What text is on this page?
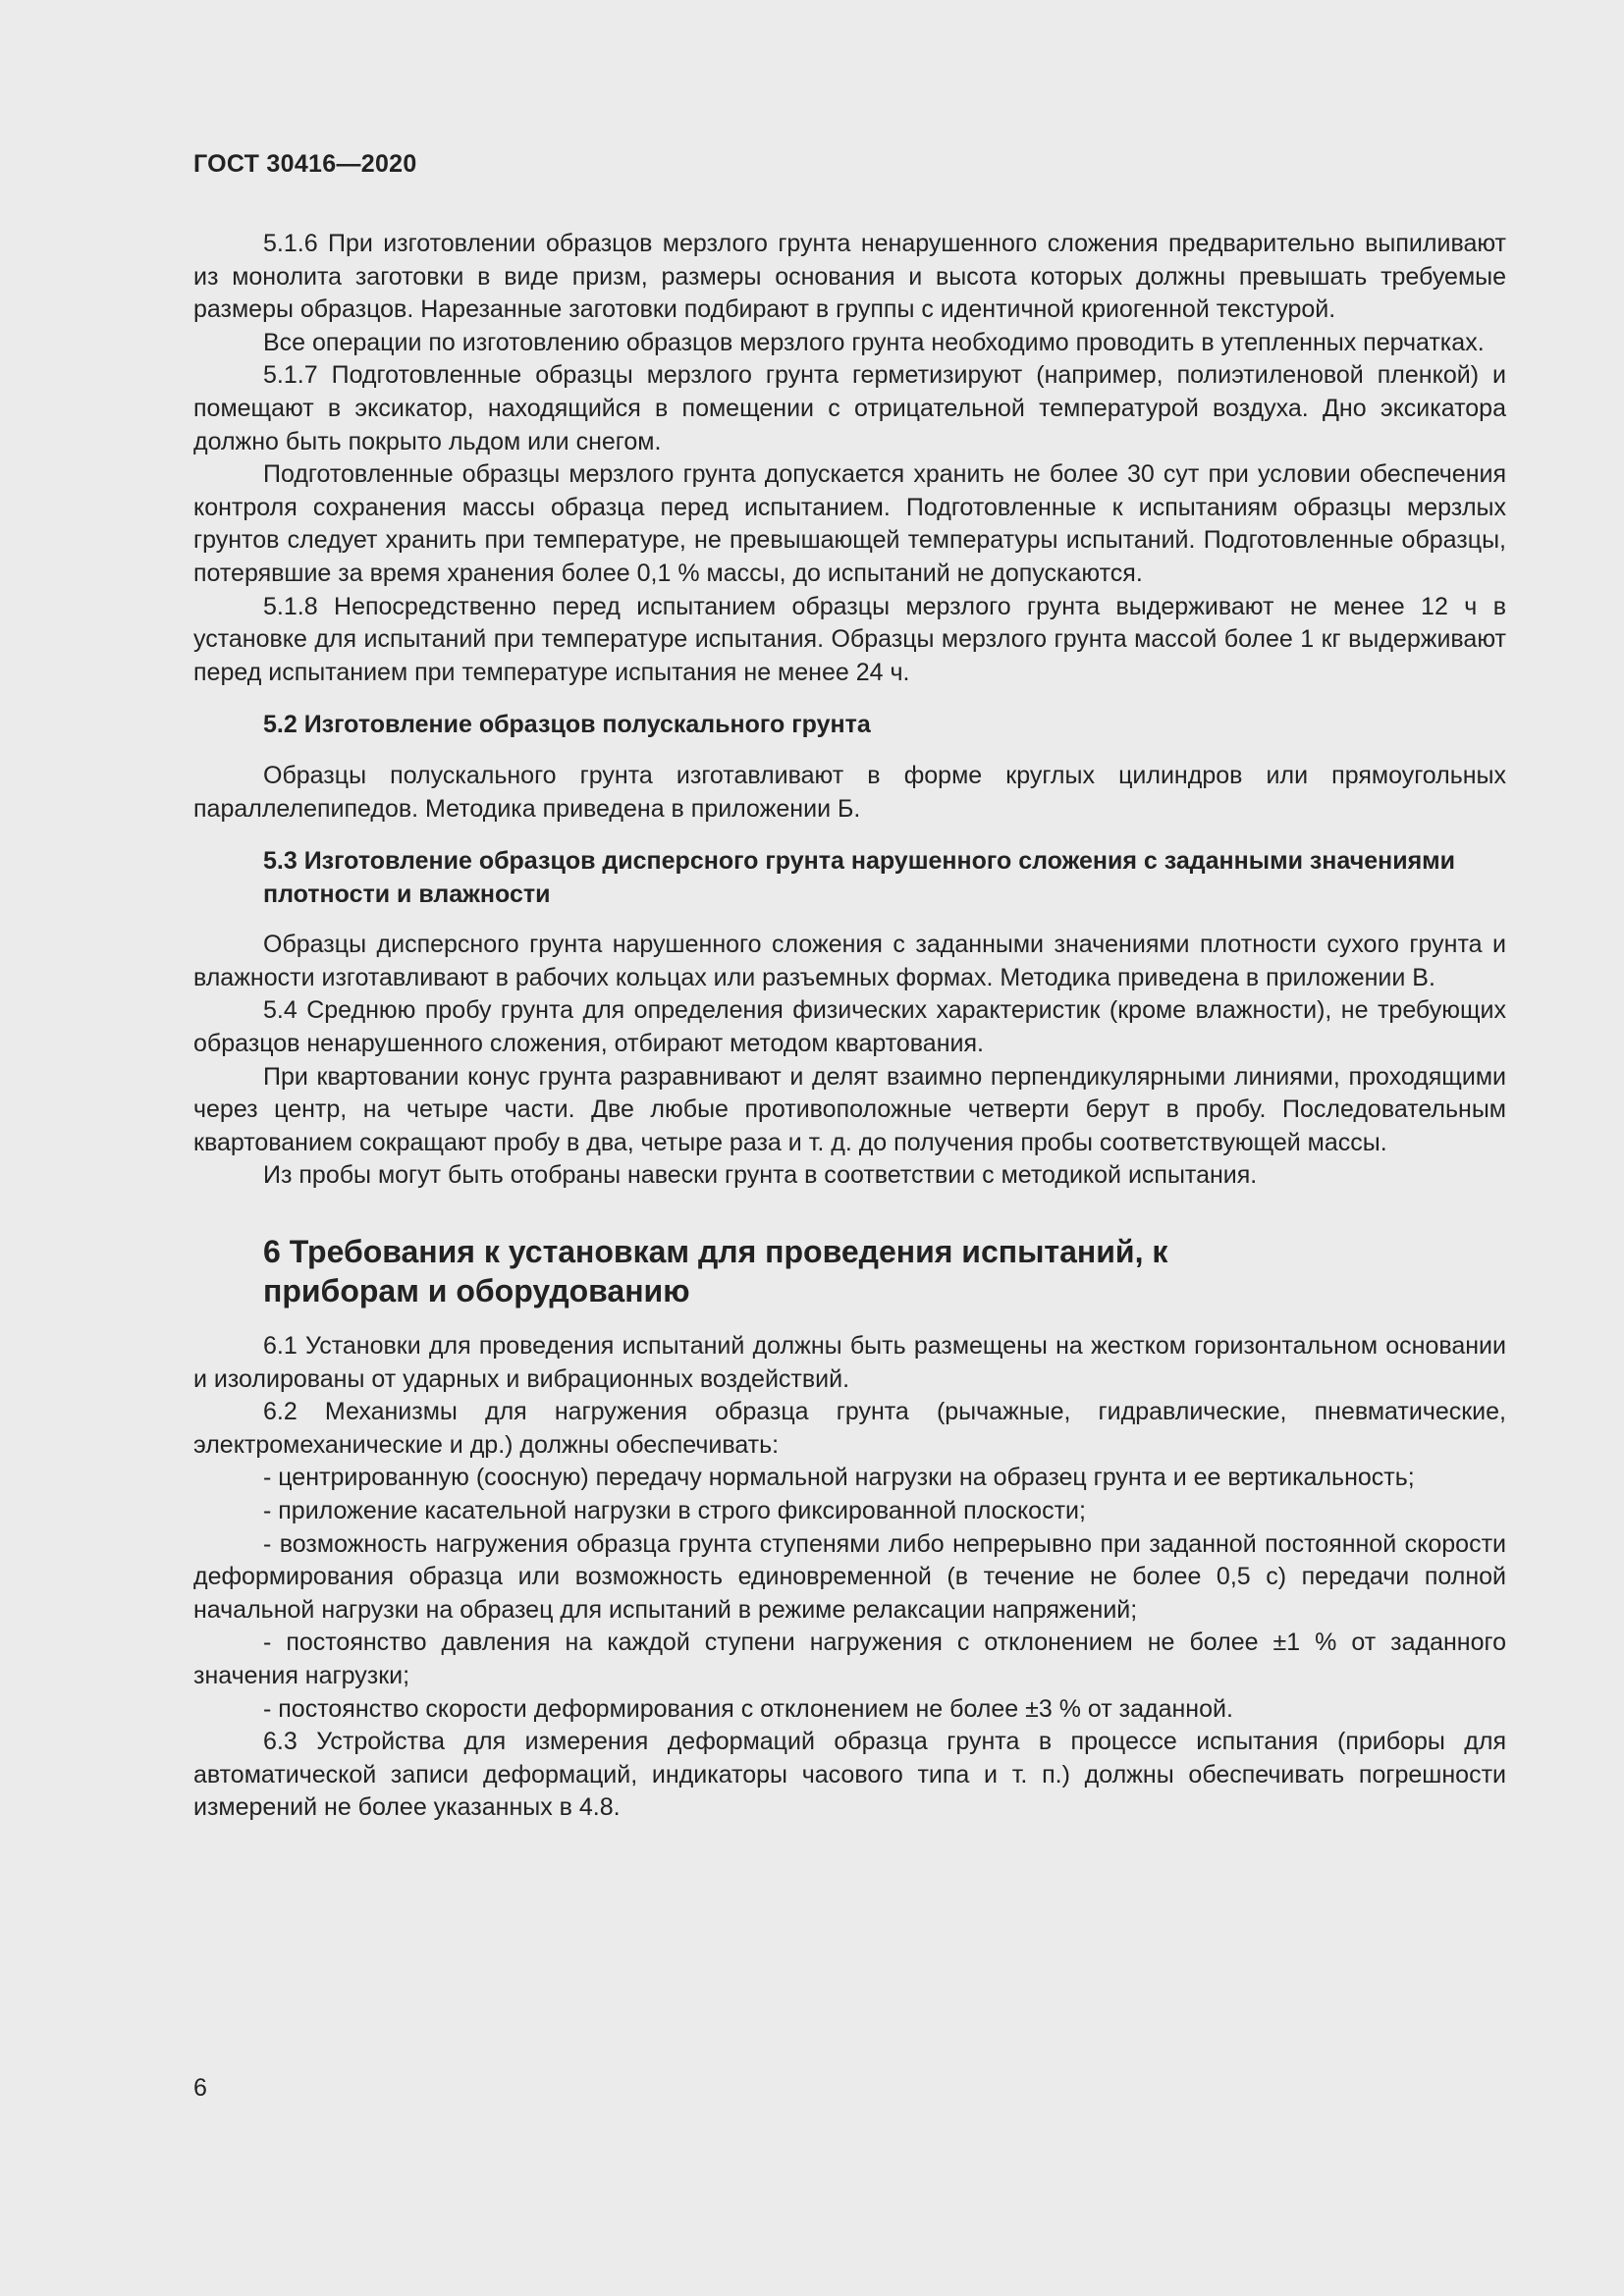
ГОСТ 30416—2020

5.1.6 При изготовлении образцов мерзлого грунта ненарушенного сложения предварительно выпиливают из монолита заготовки в виде призм, размеры основания и высота которых должны превышать требуемые размеры образцов. Нарезанные заготовки подбирают в группы с идентичной криогенной текстурой.

Все операции по изготовлению образцов мерзлого грунта необходимо проводить в утепленных перчатках.

5.1.7 Подготовленные образцы мерзлого грунта герметизируют (например, полиэтиленовой пленкой) и помещают в эксикатор, находящийся в помещении с отрицательной температурой воздуха. Дно эксикатора должно быть покрыто льдом или снегом.

Подготовленные образцы мерзлого грунта допускается хранить не более 30 сут при условии обеспечения контроля сохранения массы образца перед испытанием. Подготовленные к испытаниям образцы мерзлых грунтов следует хранить при температуре, не превышающей температуры испытаний. Подготовленные образцы, потерявшие за время хранения более 0,1 % массы, до испытаний не допускаются.

5.1.8 Непосредственно перед испытанием образцы мерзлого грунта выдерживают не менее 12 ч в установке для испытаний при температуре испытания. Образцы мерзлого грунта массой более 1 кг выдерживают перед испытанием при температуре испытания не менее 24 ч.

5.2 Изготовление образцов полускального грунта

Образцы полускального грунта изготавливают в форме круглых цилиндров или прямоугольных параллелепипедов. Методика приведена в приложении Б.

5.3 Изготовление образцов дисперсного грунта нарушенного сложения с заданными значениями плотности и влажности

Образцы дисперсного грунта нарушенного сложения с заданными значениями плотности сухого грунта и влажности изготавливают в рабочих кольцах или разъемных формах. Методика приведена в приложении В.

5.4 Среднюю пробу грунта для определения физических характеристик (кроме влажности), не требующих образцов ненарушенного сложения, отбирают методом квартования.

При квартовании конус грунта разравнивают и делят взаимно перпендикулярными линиями, проходящими через центр, на четыре части. Две любые противоположные четверти берут в пробу. Последовательным квартованием сокращают пробу в два, четыре раза и т. д. до получения пробы соответствующей массы.

Из пробы могут быть отобраны навески грунта в соответствии с методикой испытания.

6 Требования к установкам для проведения испытаний, к приборам и оборудованию

6.1 Установки для проведения испытаний должны быть размещены на жестком горизонтальном основании и изолированы от ударных и вибрационных воздействий.

6.2 Механизмы для нагружения образца грунта (рычажные, гидравлические, пневматические, электромеханические и др.) должны обеспечивать:

- центрированную (соосную) передачу нормальной нагрузки на образец грунта и ее вертикальность;

- приложение касательной нагрузки в строго фиксированной плоскости;

- возможность нагружения образца грунта ступенями либо непрерывно при заданной постоянной скорости деформирования образца или возможность единовременной (в течение не более 0,5 с) передачи полной начальной нагрузки на образец для испытаний в режиме релаксации напряжений;

- постоянство давления на каждой ступени нагружения с отклонением не более ±1 % от заданного значения нагрузки;

- постоянство скорости деформирования с отклонением не более ±3 % от заданной.

6.3 Устройства для измерения деформаций образца грунта в процессе испытания (приборы для автоматической записи деформаций, индикаторы часового типа и т. п.) должны обеспечивать погрешности измерений не более указанных в 4.8.

6
